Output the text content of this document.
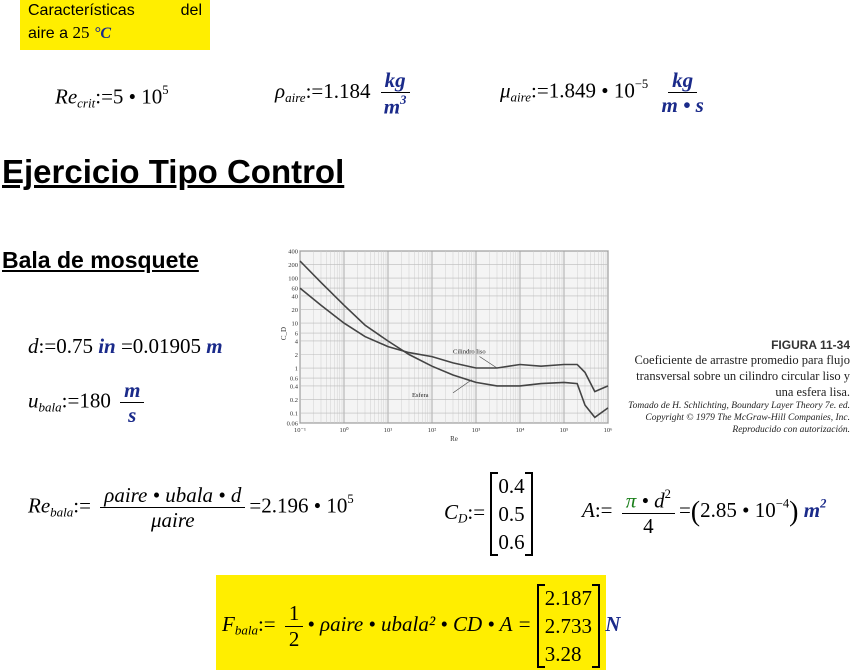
Características	del
aire a 25 °C
$Re_{crit}:=5$ • $10^5$	$\rho_{aire}:=1.184 \frac{kg}{m^3}$	$\mu_{aire}:=1.849$ • $10^{-5} \frac{kg}{m • s}$
Ejercicio Tipo Control
Bala de mosquete
d:=0.75 in =0.01905 m
$u_{bala}:=180 \frac{m}{s}$
400
200
100
60
40
20
10
6
4
2
1
0.6
0.4
0.2
0.1
0.06
10⁻¹	10⁰	10¹	10²	10³	10⁴	10⁵	10⁶
Re
C_D
Cilindro liso
Esfera
FIGURA 11-34
Coeficiente de arrastre promedio para flujo transversal sobre un cilindro circular liso y una esfera lisa.
Tomado de H. Schlichting, Boundary Layer Theory 7e. ed. Copyright © 1979 The McGraw-Hill Companies, Inc. Reproducido con autorización.
$Re_{bala}:= \frac{\text{ρaire • ubala • d}}{\text{μaire}} =2.196$ • $10^5$
$C_D:=$
0.4
0.5
0.6
A:= $\frac{\pi • d^2}{4} =(2.85$ • $10^{-4}$) $m^2$
$F_{bala}:= \frac{1}{2}$ • ρaire • ubala² • CD • A =
2.187
2.733
3.28
N
